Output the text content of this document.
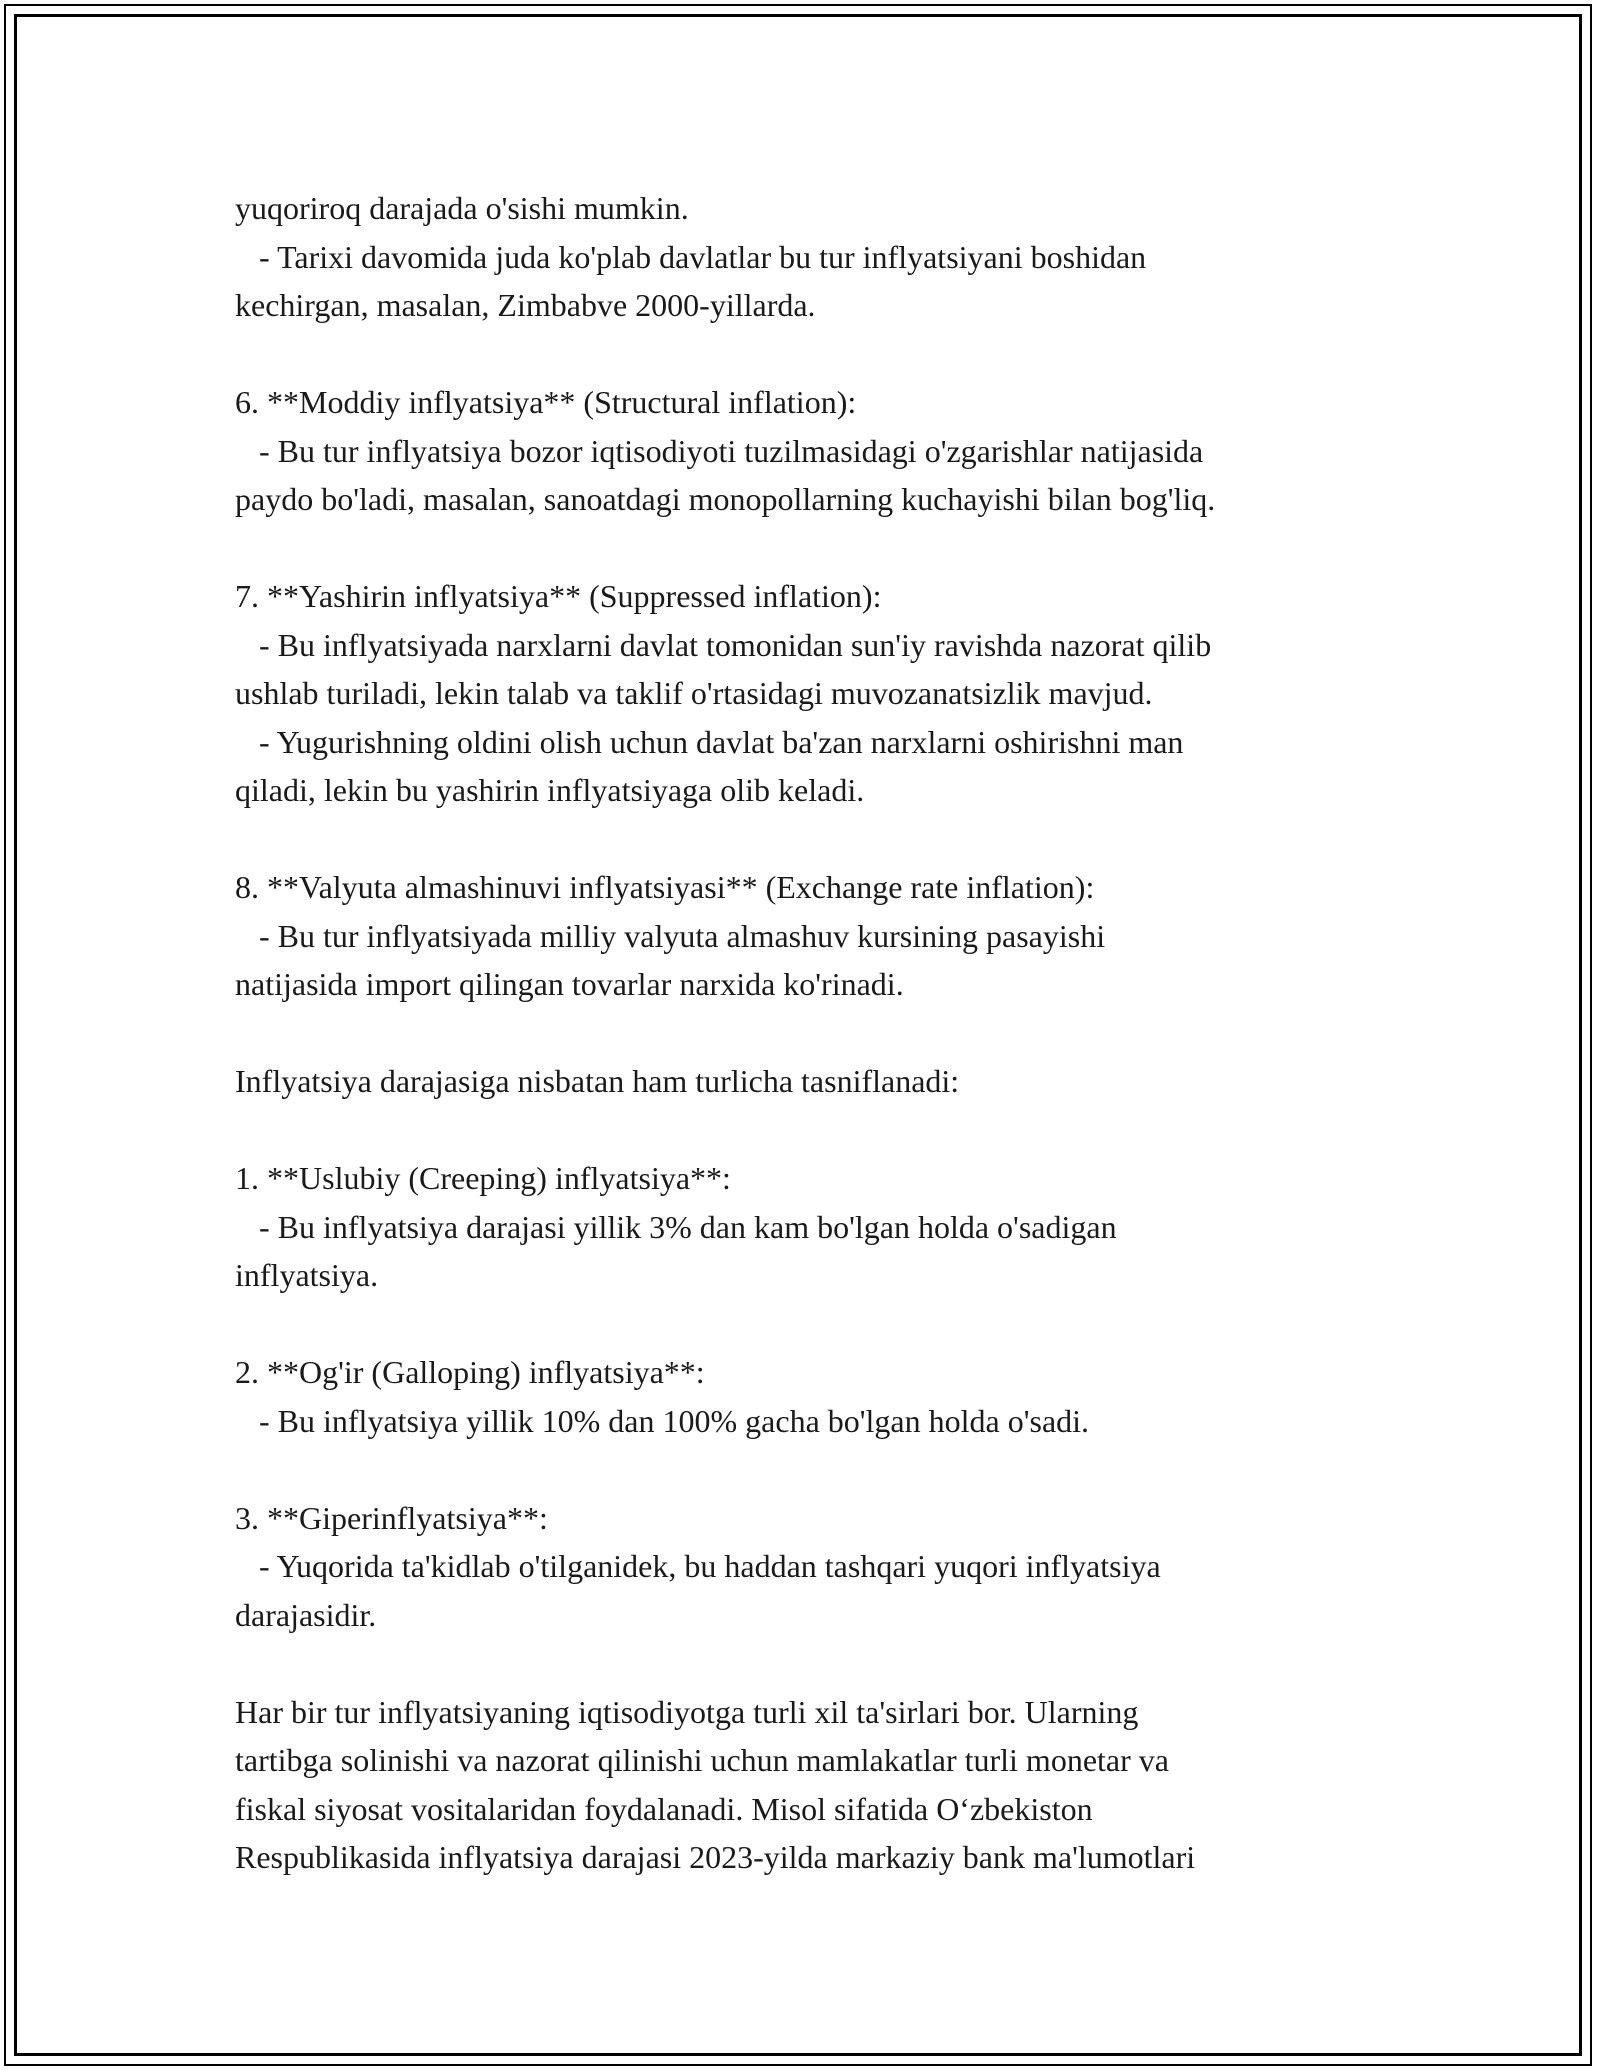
yuqoriroq darajada o'sishi mumkin.
- Tarixi davomida juda ko'plab davlatlar bu tur inflyatsiyani boshidan
kechirgan, masalan, Zimbabve 2000-yillarda.
6. **Moddiy inflyatsiya** (Structural inflation):
- Bu tur inflyatsiya bozor iqtisodiyoti tuzilmasidagi o'zgarishlar natijasida
paydo bo'ladi, masalan, sanoatdagi monopollarning kuchayishi bilan bog'liq.
7. **Yashirin inflyatsiya** (Suppressed inflation):
- Bu inflyatsiyada narxlarni davlat tomonidan sun'iy ravishda nazorat qilib
ushlab turiladi, lekin talab va taklif o'rtasidagi muvozanatsizlik mavjud.
- Yugurishning oldini olish uchun davlat ba'zan narxlarni oshirishni man
qiladi, lekin bu yashirin inflyatsiyaga olib keladi.
8. **Valyuta almashinuvi inflyatsiyasi** (Exchange rate inflation):
- Bu tur inflyatsiyada milliy valyuta almashuv kursining pasayishi
natijasida import qilingan tovarlar narxida ko'rinadi.
Inflyatsiya darajasiga nisbatan ham turlicha tasniflanadi:
1. **Uslubiy (Creeping) inflyatsiya**:
- Bu inflyatsiya darajasi yillik 3% dan kam bo'lgan holda o'sadigan
inflyatsiya.
2. **Og'ir (Galloping) inflyatsiya**:
- Bu inflyatsiya yillik 10% dan 100% gacha bo'lgan holda o'sadi.
3. **Giperinflyatsiya**:
- Yuqorida ta'kidlab o'tilganidek, bu haddan tashqari yuqori inflyatsiya
darajasidir.
Har bir tur inflyatsiyaning iqtisodiyotga turli xil ta'sirlari bor. Ularning
tartibga solinishi va nazorat qilinishi uchun mamlakatlar turli monetar va
fiskal siyosat vositalaridan foydalanadi. Misol sifatida O‘zbekiston
Respublikasida inflyatsiya darajasi 2023-yilda markaziy bank ma'lumotlari
